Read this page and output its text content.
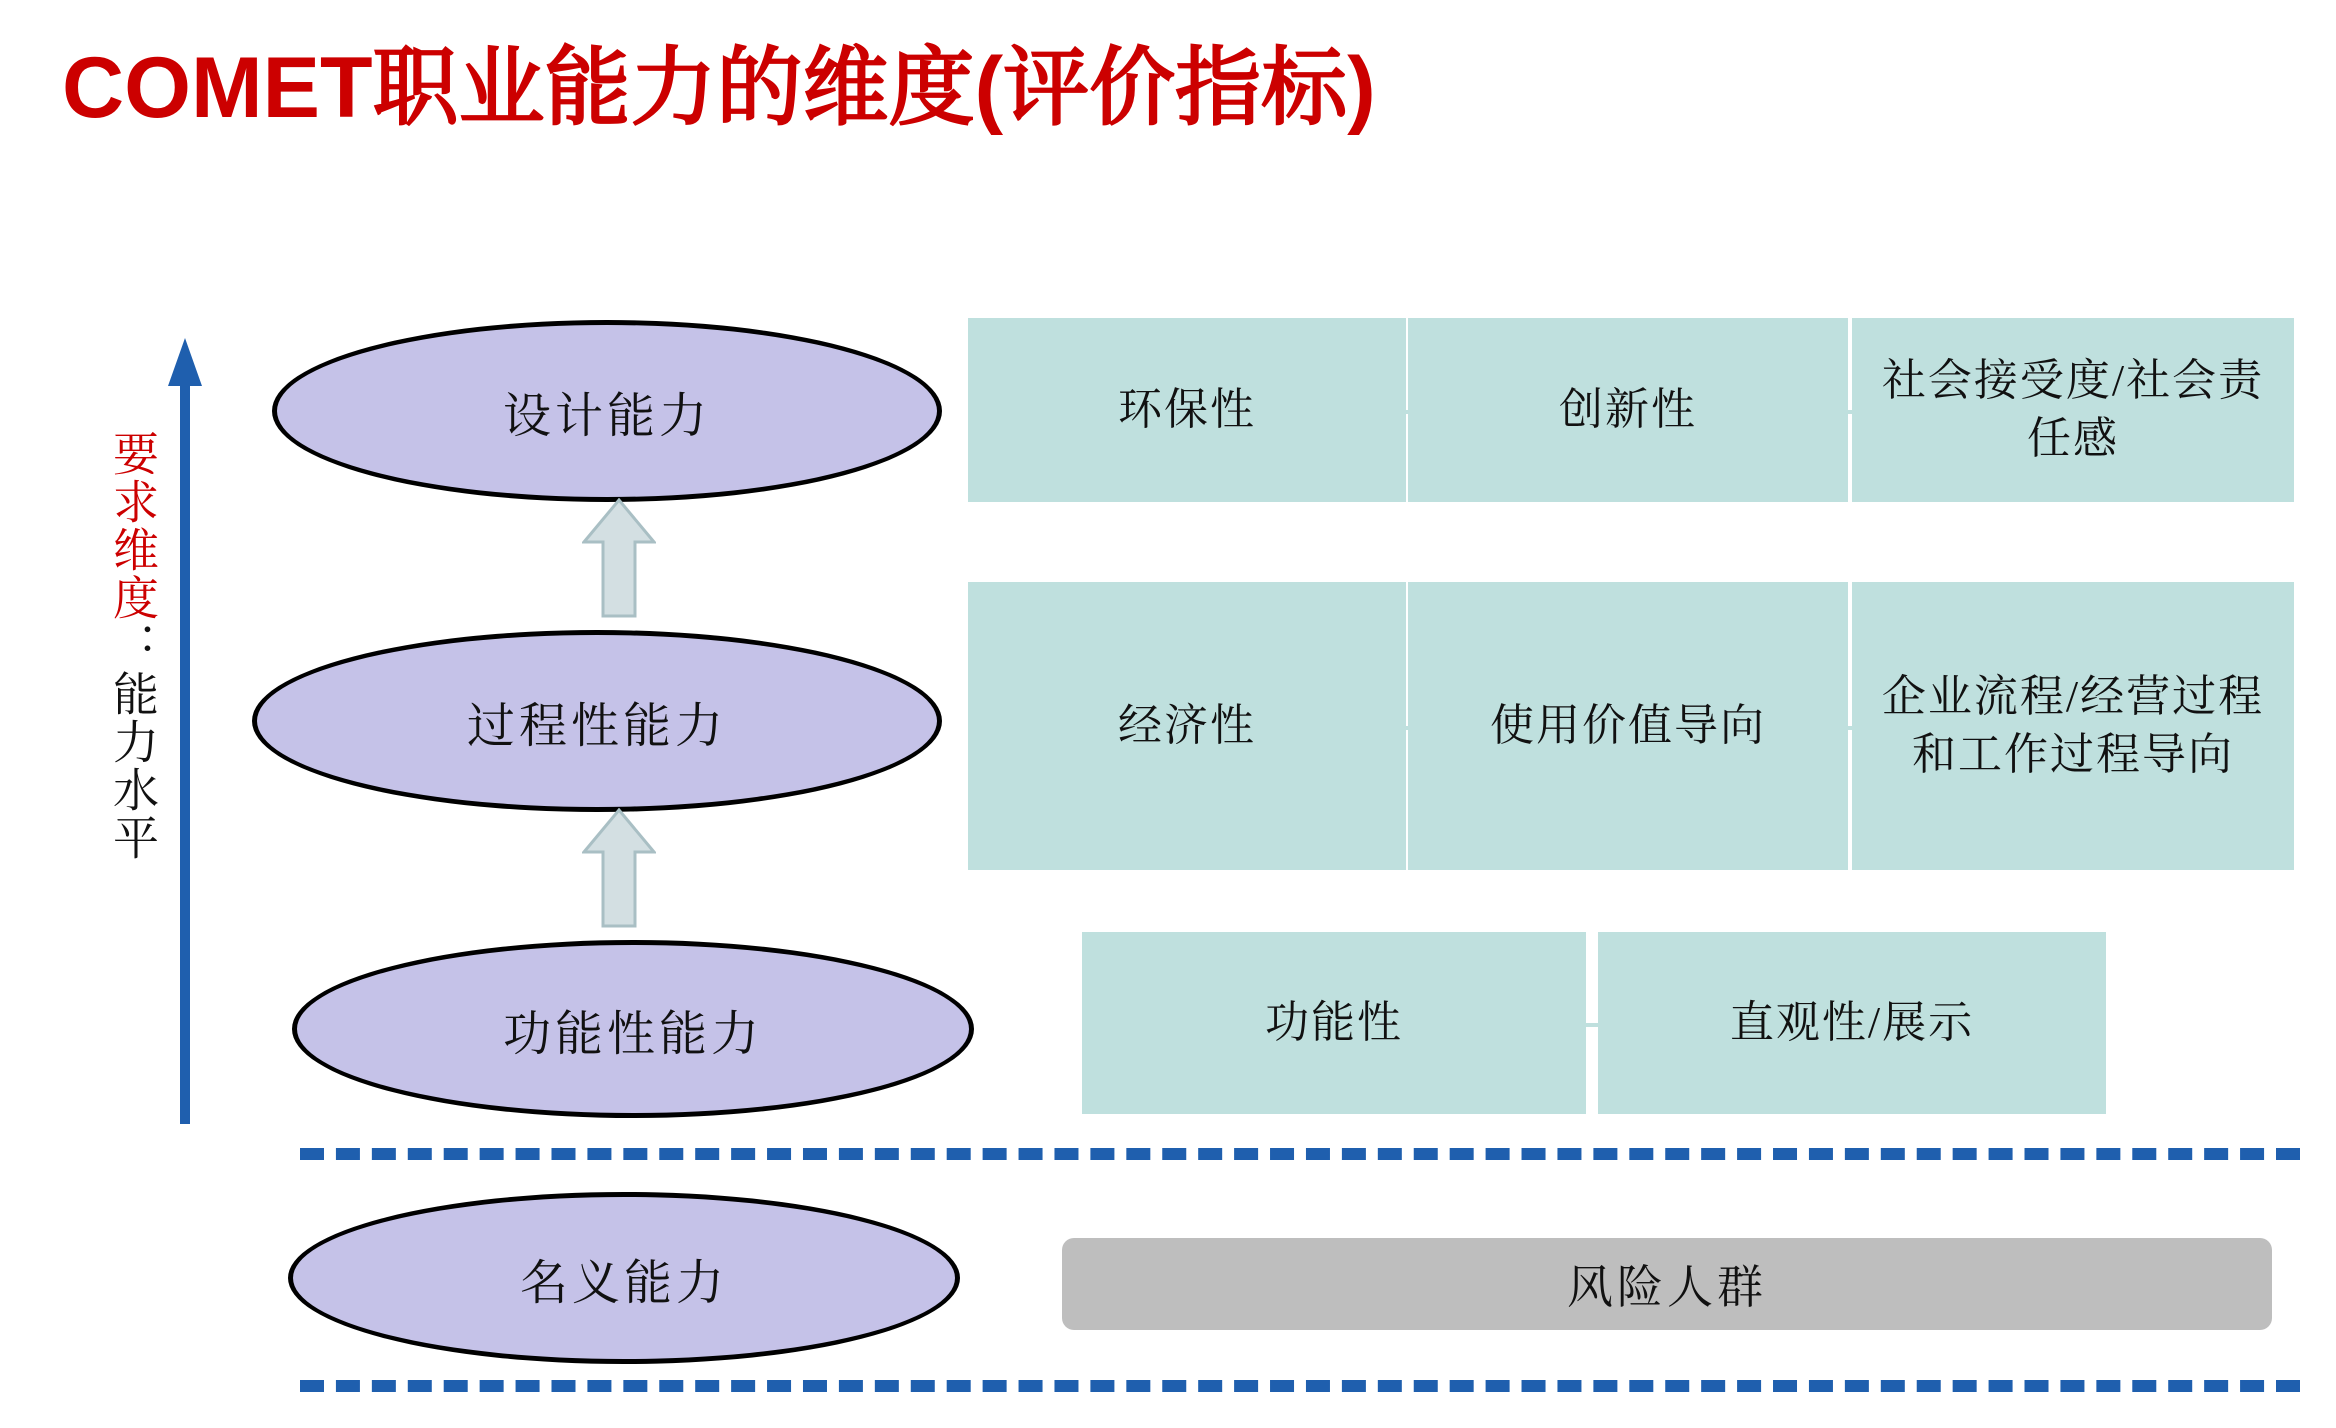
COMET职业能力的维度(评价指标)
要求维度：能力水平
设计能力
过程性能力
功能性能力
名义能力
环保性	创新性
社会接受度/社会责任感
经济性	使用价值导向
企业流程/经营过程和工作过程导向
功能性	直观性/展示
风险人群
